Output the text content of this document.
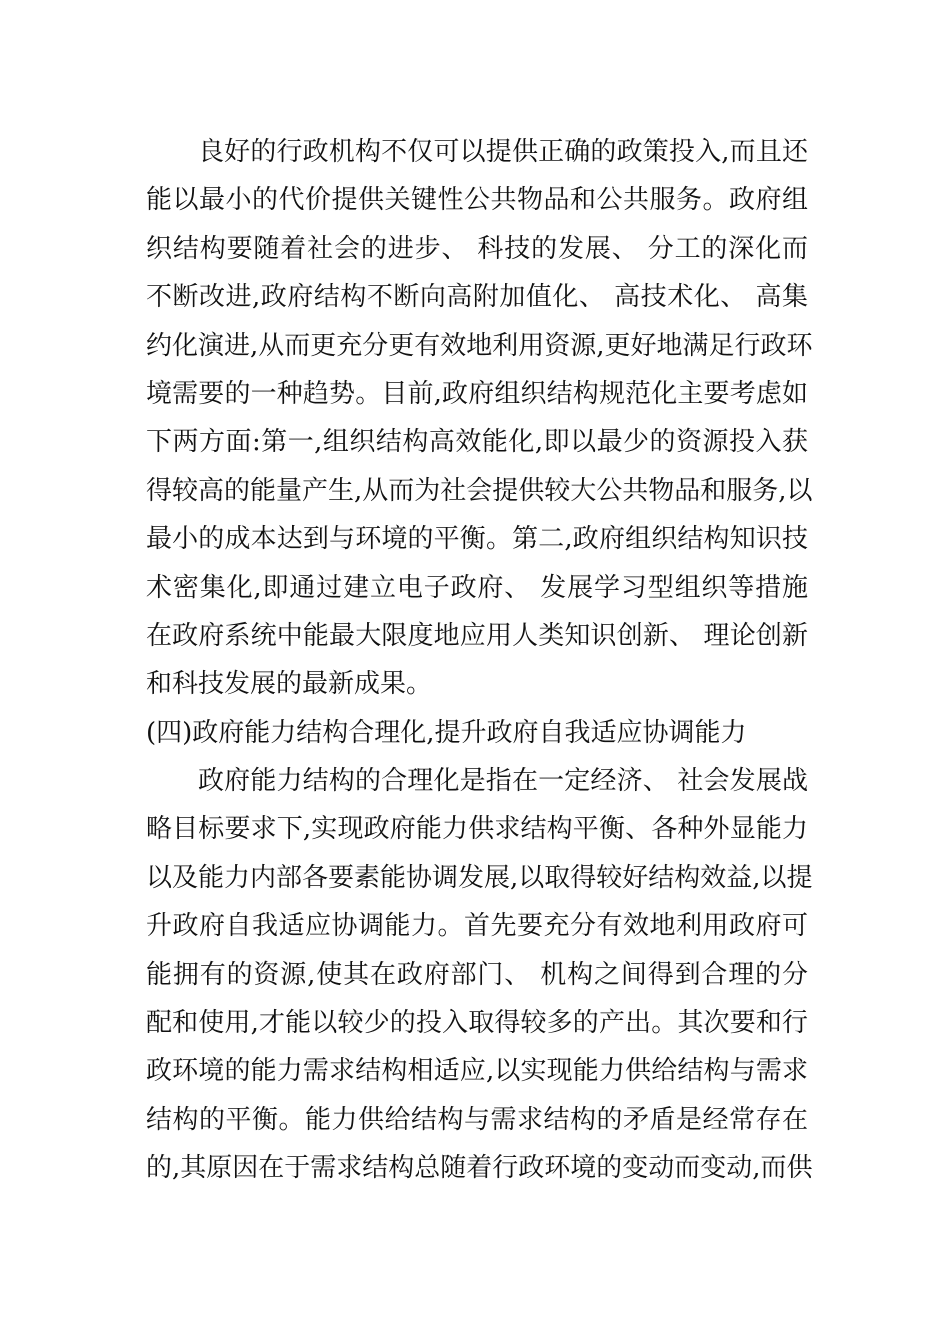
良好的行政机构不仅可以提供正确的政策投入,而且还
能以最小的代价提供关键性公共物品和公共服务。政府组
织结构要随着社会的进步、 科技的发展、 分工的深化而
不断改进,政府结构不断向高附加值化、 高技术化、 高集
约化演进,从而更充分更有效地利用资源,更好地满足行政环
境需要的一种趋势。目前,政府组织结构规范化主要考虑如
下两方面:第一,组织结构高效能化,即以最少的资源投入获
得较高的能量产生,从而为社会提供较大公共物品和服务,以
最小的成本达到与环境的平衡。第二,政府组织结构知识技
术密集化,即通过建立电子政府、 发展学习型组织等措施
在政府系统中能最大限度地应用人类知识创新、 理论创新
和科技发展的最新成果。
(四)政府能力结构合理化,提升政府自我适应协调能力
政府能力结构的合理化是指在一定经济、 社会发展战
略目标要求下,实现政府能力供求结构平衡、各种外显能力
以及能力内部各要素能协调发展,以取得较好结构效益,以提
升政府自我适应协调能力。首先要充分有效地利用政府可
能拥有的资源,使其在政府部门、 机构之间得到合理的分
配和使用,才能以较少的投入取得较多的产出。其次要和行
政环境的能力需求结构相适应,以实现能力供给结构与需求
结构的平衡。能力供给结构与需求结构的矛盾是经常存在
的,其原因在于需求结构总随着行政环境的变动而变动,而供
